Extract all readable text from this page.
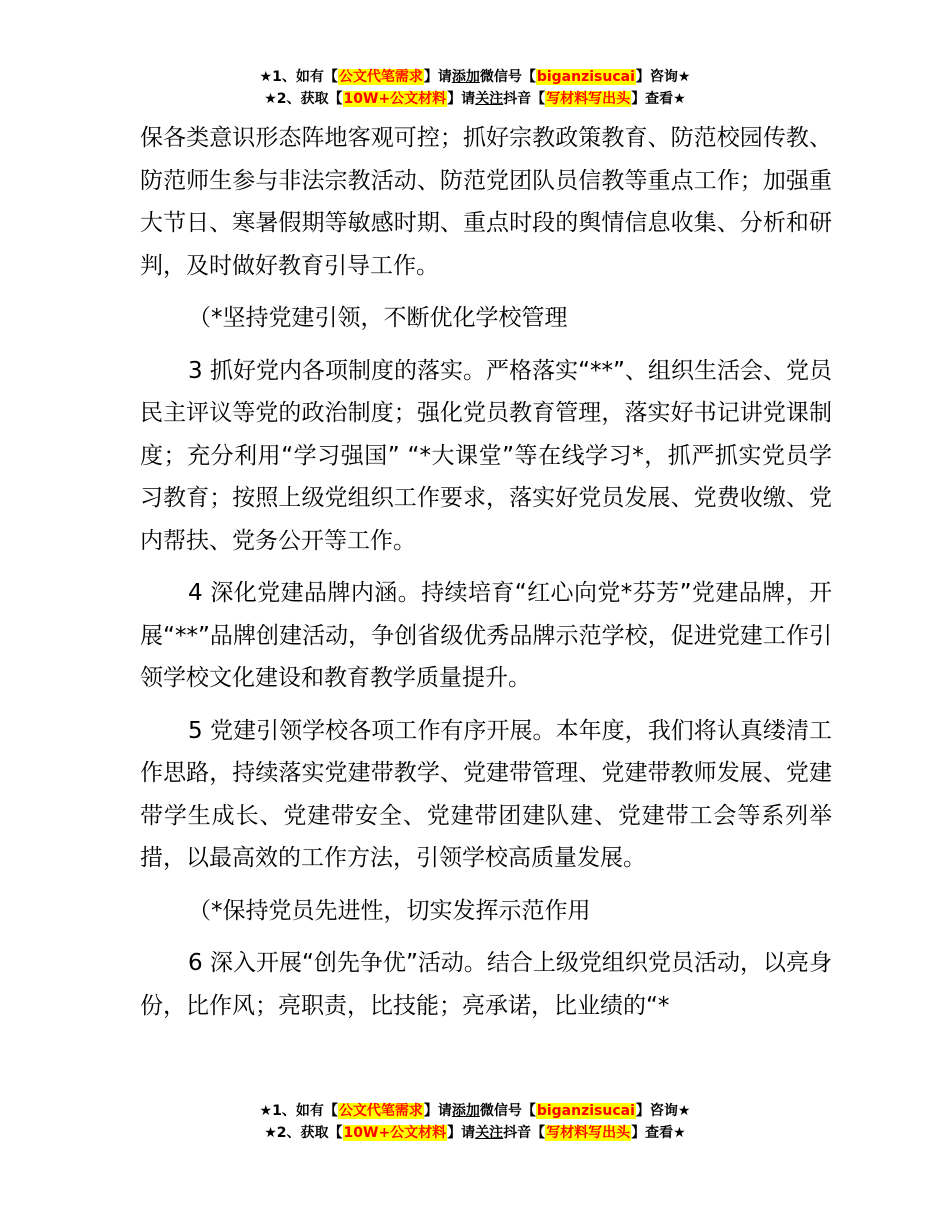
★1、如有【公文代笔需求】请添加微信号【biganzisucai】咨询★
★2、获取【10W+公文材料】请关注抖音【写材料写出头】查看★

保各类意识形态阵地客观可控；抓好宗教政策教育、防范校园传教、防范师生参与非法宗教活动、防范党团队员信教等重点工作；加强重大节日、寒暑假期等敏感时期、重点时段的舆情信息收集、分析和研判，及时做好教育引导工作。

（*坚持党建引领，不断优化学校管理

3 抓好党内各项制度的落实。严格落实“**”、组织生活会、党员民主评议等党的政治制度；强化党员教育管理，落实好书记讲党课制度；充分利用“学习强国” “*大课堂”等在线学习*，抓严抓实党员学习教育；按照上级党组织工作要求，落实好党员发展、党费收缴、党内帮扶、党务公开等工作。

4 深化党建品牌内涵。持续培育“红心向党*芬芳”党建品牌，开展“**”品牌创建活动，争创省级优秀品牌示范学校，促进党建工作引领学校文化建设和教育教学质量提升。

5 党建引领学校各项工作有序开展。本年度，我们将认真缕清工作思路，持续落实党建带教学、党建带管理、党建带教师发展、党建带学生成长、党建带安全、党建带团建队建、党建带工会等系列举措，以最高效的工作方法，引领学校高质量发展。

（*保持党员先进性，切实发挥示范作用

6 深入开展“创先争优”活动。结合上级党组织党员活动，以亮身份，比作风；亮职责，比技能；亮承诺，比业绩的“*

★1、如有【公文代笔需求】请添加微信号【biganzisucai】咨询★
★2、获取【10W+公文材料】请关注抖音【写材料写出头】查看★
